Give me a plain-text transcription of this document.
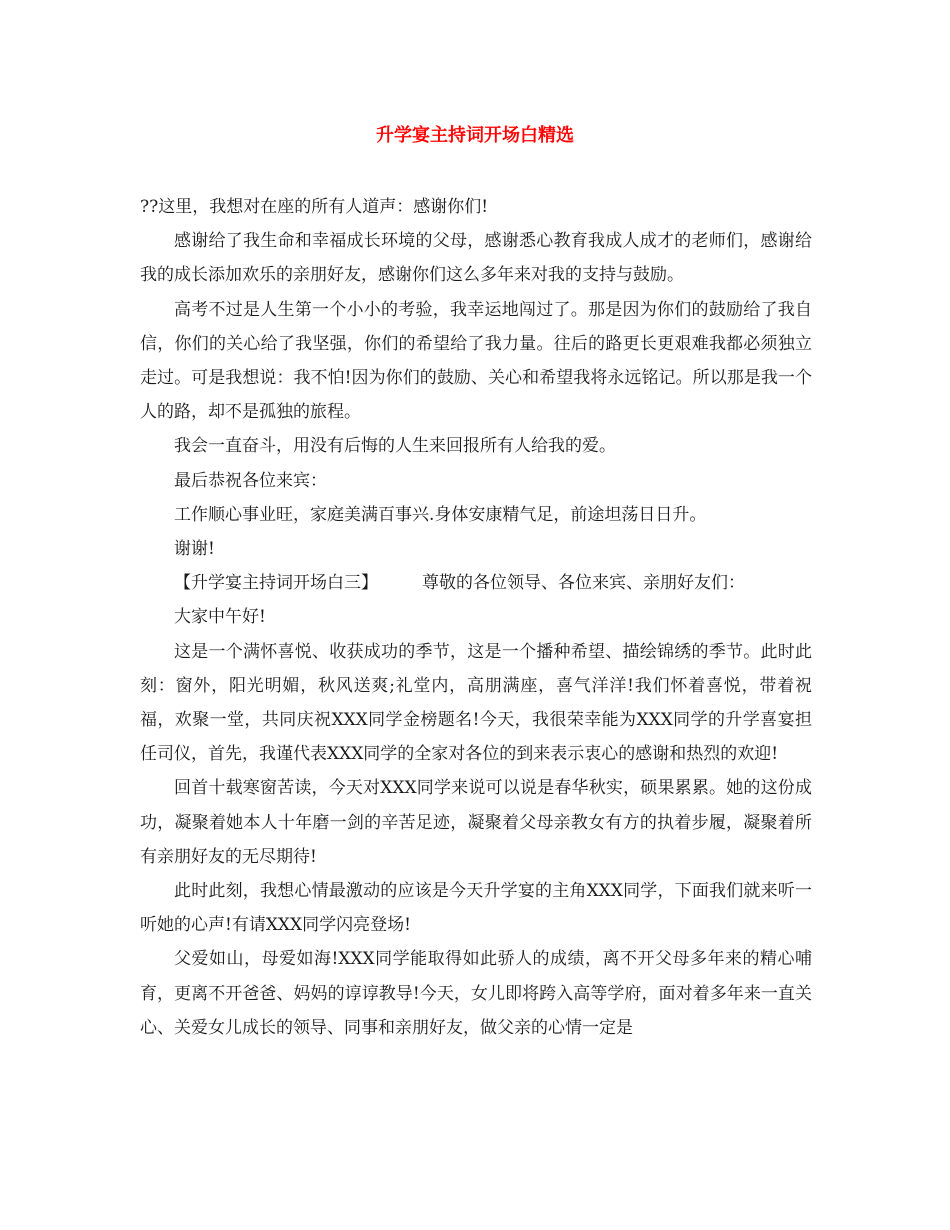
升学宴主持词开场白精选

??这里，我想对在座的所有人道声：感谢你们!

感谢给了我生命和幸福成长环境的父母，感谢悉心教育我成人成才的老师们，感谢给我的成长添加欢乐的亲朋好友，感谢你们这么多年来对我的支持与鼓励。

高考不过是人生第一个小小的考验，我幸运地闯过了。那是因为你们的鼓励给了我自信，你们的关心给了我坚强，你们的希望给了我力量。往后的路更长更艰难我都必须独立走过。可是我想说：我不怕!因为你们的鼓励、关心和希望我将永远铭记。所以那是我一个人的路，却不是孤独的旅程。

我会一直奋斗，用没有后悔的人生来回报所有人给我的爱。

最后恭祝各位来宾：

工作顺心事业旺，家庭美满百事兴.身体安康精气足，前途坦荡日日升。

谢谢!

【升学宴主持词开场白三】	尊敬的各位领导、各位来宾、亲朋好友们：

大家中午好!

这是一个满怀喜悦、收获成功的季节，这是一个播种希望、描绘锦绣的季节。此时此刻：窗外，阳光明媚，秋风送爽;礼堂内，高朋满座，喜气洋洋!我们怀着喜悦，带着祝福，欢聚一堂，共同庆祝XXX同学金榜题名!今天，我很荣幸能为XXX同学的升学喜宴担任司仪，首先，我谨代表XXX同学的全家对各位的到来表示衷心的感谢和热烈的欢迎!

回首十载寒窗苦读，今天对XXX同学来说可以说是春华秋实，硕果累累。她的这份成功，凝聚着她本人十年磨一剑的辛苦足迹，凝聚着父母亲教女有方的执着步履，凝聚着所有亲朋好友的无尽期待!

此时此刻，我想心情最激动的应该是今天升学宴的主角XXX同学，下面我们就来听一听她的心声!有请XXX同学闪亮登场!

父爱如山，母爱如海!XXX同学能取得如此骄人的成绩，离不开父母多年来的精心哺育，更离不开爸爸、妈妈的谆谆教导!今天，女儿即将跨入高等学府，面对着多年来一直关心、关爱女儿成长的领导、同事和亲朋好友，做父亲的心情一定是
